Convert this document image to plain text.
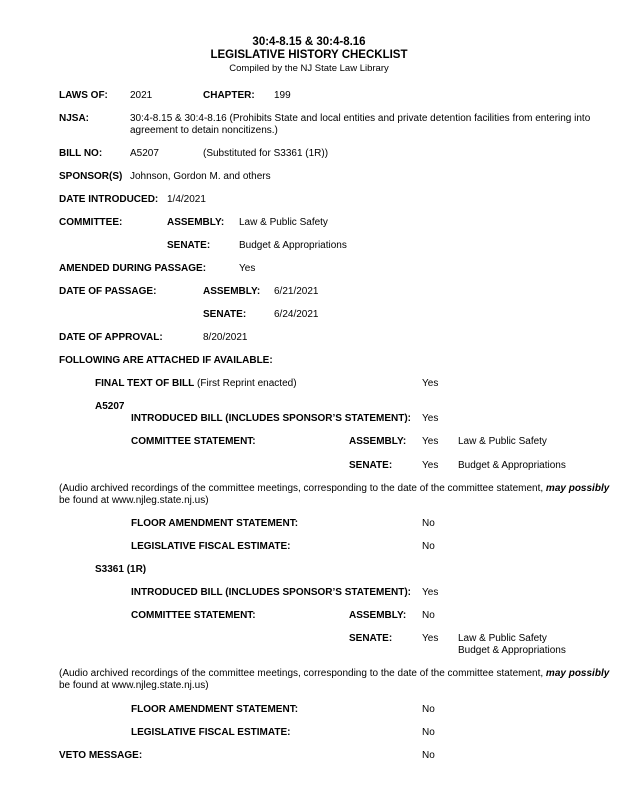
30:4-8.15 & 30:4-8.16
LEGISLATIVE HISTORY CHECKLIST
Compiled by the NJ State Law Library
LAWS OF: 2021	CHAPTER: 199
NJSA:	30:4-8.15 & 30:4-8.16 (Prohibits State and local entities and private detention facilities from entering into
agreement to detain noncitizens.)
BILL NO:	A5207	(Substituted for S3361 (1R))
SPONSOR(S) Johnson, Gordon M. and others
DATE INTRODUCED: 1/4/2021
COMMITTEE:	ASSEMBLY: Law & Public Safety
SENATE:	Budget & Appropriations
AMENDED DURING PASSAGE:	Yes
DATE OF PASSAGE:	ASSEMBLY: 6/21/2021
SENATE:	6/24/2021
DATE OF APPROVAL:	8/20/2021
FOLLOWING ARE ATTACHED IF AVAILABLE:
FINAL TEXT OF BILL (First Reprint enacted)	Yes
A5207
INTRODUCED BILL (INCLUDES SPONSOR’S STATEMENT): Yes
COMMITTEE STATEMENT:	ASSEMBLY: Yes Law & Public Safety
SENATE:	Yes Budget & Appropriations
(Audio archived recordings of the committee meetings, corresponding to the date of the committee statement, may possibly
be found at www.njleg.state.nj.us)
FLOOR AMENDMENT STATEMENT:	No
LEGISLATIVE FISCAL ESTIMATE:	No
S3361 (1R)
INTRODUCED BILL (INCLUDES SPONSOR’S STATEMENT): Yes
COMMITTEE STATEMENT:	ASSEMBLY: No
SENATE:	Yes Law & Public Safety
Budget & Appropriations
(Audio archived recordings of the committee meetings, corresponding to the date of the committee statement, may possibly
be found at www.njleg.state.nj.us)
FLOOR AMENDMENT STATEMENT:	No
LEGISLATIVE FISCAL ESTIMATE:	No
VETO MESSAGE:	No
